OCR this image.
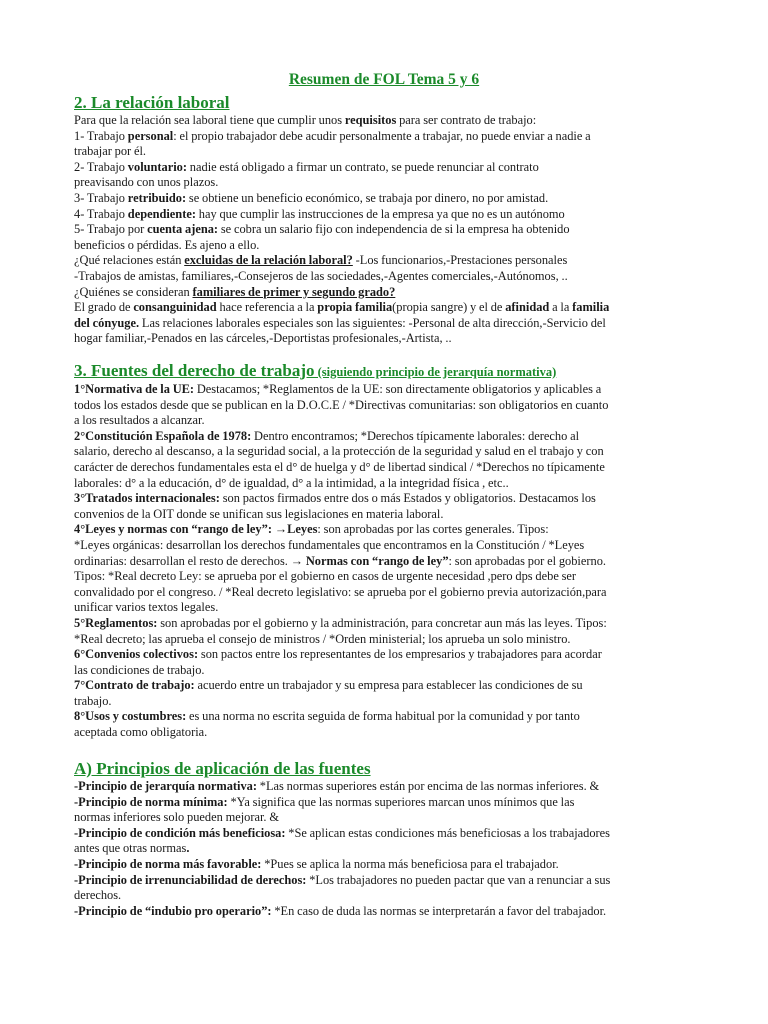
Resumen de FOL Tema 5 y 6
2. La relación laboral
Para que la relación sea laboral tiene que cumplir unos requisitos para ser contrato de trabajo:
1- Trabajo personal: el propio trabajador debe acudir personalmente a trabajar, no puede enviar a nadie a
trabajar por él.
2- Trabajo voluntario: nadie está obligado a firmar un contrato, se puede renunciar al contrato
preavisando con unos plazos.
3- Trabajo retribuido: se obtiene un beneficio económico, se trabaja por dinero, no por amistad.
4- Trabajo dependiente: hay que cumplir las instrucciones de la empresa ya que no es un autónomo
5- Trabajo por cuenta ajena: se cobra un salario fijo con independencia de si la empresa ha obtenido
beneficios o pérdidas. Es ajeno a ello.
¿Qué relaciones están excluidas de la relación laboral? -Los funcionarios,-Prestaciones personales
-Trabajos de amistas, familiares,-Consejeros de las sociedades,-Agentes comerciales,-Autónomos, ..
¿Quiénes se consideran familiares de primer y segundo grado?
El grado de consanguinidad hace referencia a la propia familia(propia sangre) y el de afinidad a la familia
del cónyuge. Las relaciones laborales especiales son las siguientes: -Personal de alta dirección,-Servicio del
hogar familiar,-Penados en las cárceles,-Deportistas profesionales,-Artista, ..
3. Fuentes del derecho de trabajo (siguiendo principio de jerarquía normativa)
1°Normativa de la UE: Destacamos; *Reglamentos de la UE: son directamente obligatorios y aplicables a
todos los estados desde que se publican en la D.O.C.E / *Directivas comunitarias: son obligatorios en cuanto
a los resultados a alcanzar.
2°Constitución Española de 1978: Dentro encontramos; *Derechos típicamente laborales: derecho al
salario, derecho al descanso, a la seguridad social, a la protección de la seguridad y salud en el trabajo y con
carácter de derechos fundamentales esta el d° de huelga y d° de libertad sindical / *Derechos no típicamente
laborales: d° a la educación, d° de igualdad, d° a la intimidad, a la integridad física , etc..
3°Tratados internacionales: son pactos firmados entre dos o más Estados y obligatorios. Destacamos los
convenios de la OIT donde se unifican sus legislaciones en materia laboral.
4°Leyes y normas con “rango de ley”: →Leyes: son aprobadas por las cortes generales. Tipos:
*Leyes orgánicas: desarrollan los derechos fundamentales que encontramos en la Constitución / *Leyes
ordinarias: desarrollan el resto de derechos. → Normas con “rango de ley”: son aprobadas por el gobierno.
Tipos: *Real decreto Ley: se aprueba por el gobierno en casos de urgente necesidad ,pero dps debe ser
convalidado por el congreso. / *Real decreto legislativo: se aprueba por el gobierno previa autorización,para
unificar varios textos legales.
5°Reglamentos: son aprobadas por el gobierno y la administración, para concretar aun más las leyes. Tipos:
*Real decreto; las aprueba el consejo de ministros / *Orden ministerial; los aprueba un solo ministro.
6°Convenios colectivos: son pactos entre los representantes de los empresarios y trabajadores para acordar
las condiciones de trabajo.
7°Contrato de trabajo: acuerdo entre un trabajador y su empresa para establecer las condiciones de su
trabajo.
8°Usos y costumbres: es una norma no escrita seguida de forma habitual por la comunidad y por tanto
aceptada como obligatoria.
A) Principios de aplicación de las fuentes
-Principio de jerarquía normativa: *Las normas superiores están por encima de las normas inferiores. &
-Principio de norma mínima: *Ya significa que las normas superiores marcan unos mínimos que las
normas inferiores solo pueden mejorar. &
-Principio de condición más beneficiosa: *Se aplican estas condiciones más beneficiosas a los trabajadores
antes que otras normas.
-Principio de norma más favorable: *Pues se aplica la norma más beneficiosa para el trabajador.
-Principio de irrenunciabilidad de derechos: *Los trabajadores no pueden pactar que van a renunciar a sus
derechos.
-Principio de “indubio pro operario”: *En caso de duda las normas se interpretarán a favor del trabajador.
